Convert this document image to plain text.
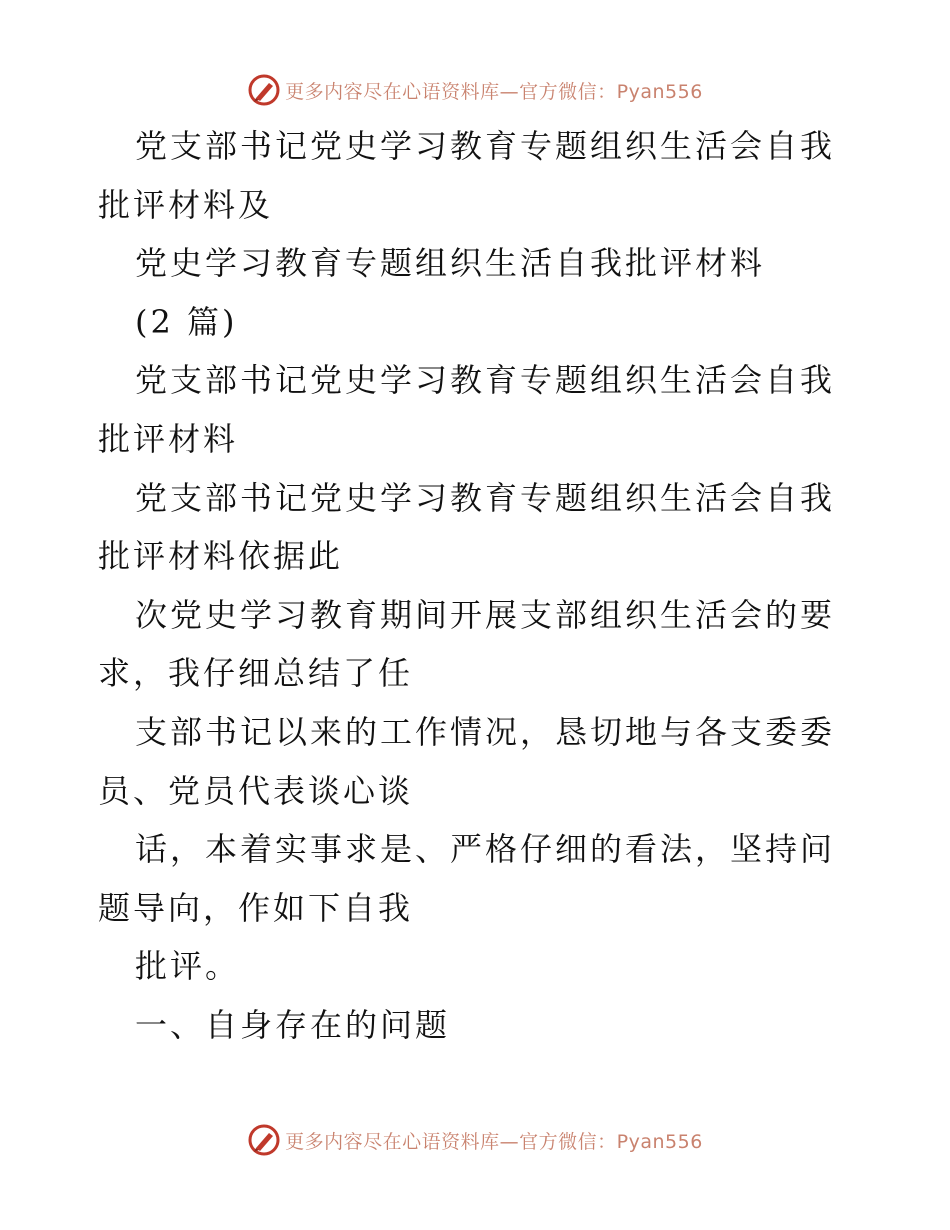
更多内容尽在心语资料库—官方微信：Pyan556

党支部书记党史学习教育专题组织生活会自我批评材料及

党史学习教育专题组织生活自我批评材料

(2 篇)

党支部书记党史学习教育专题组织生活会自我批评材料

党支部书记党史学习教育专题组织生活会自我批评材料依据此

次党史学习教育期间开展支部组织生活会的要求，我仔细总结了任

支部书记以来的工作情况，恳切地与各支委委员、党员代表谈心谈

话，本着实事求是、严格仔细的看法，坚持问题导向，作如下自我

批评。

一、自身存在的问题

更多内容尽在心语资料库—官方微信：Pyan556
